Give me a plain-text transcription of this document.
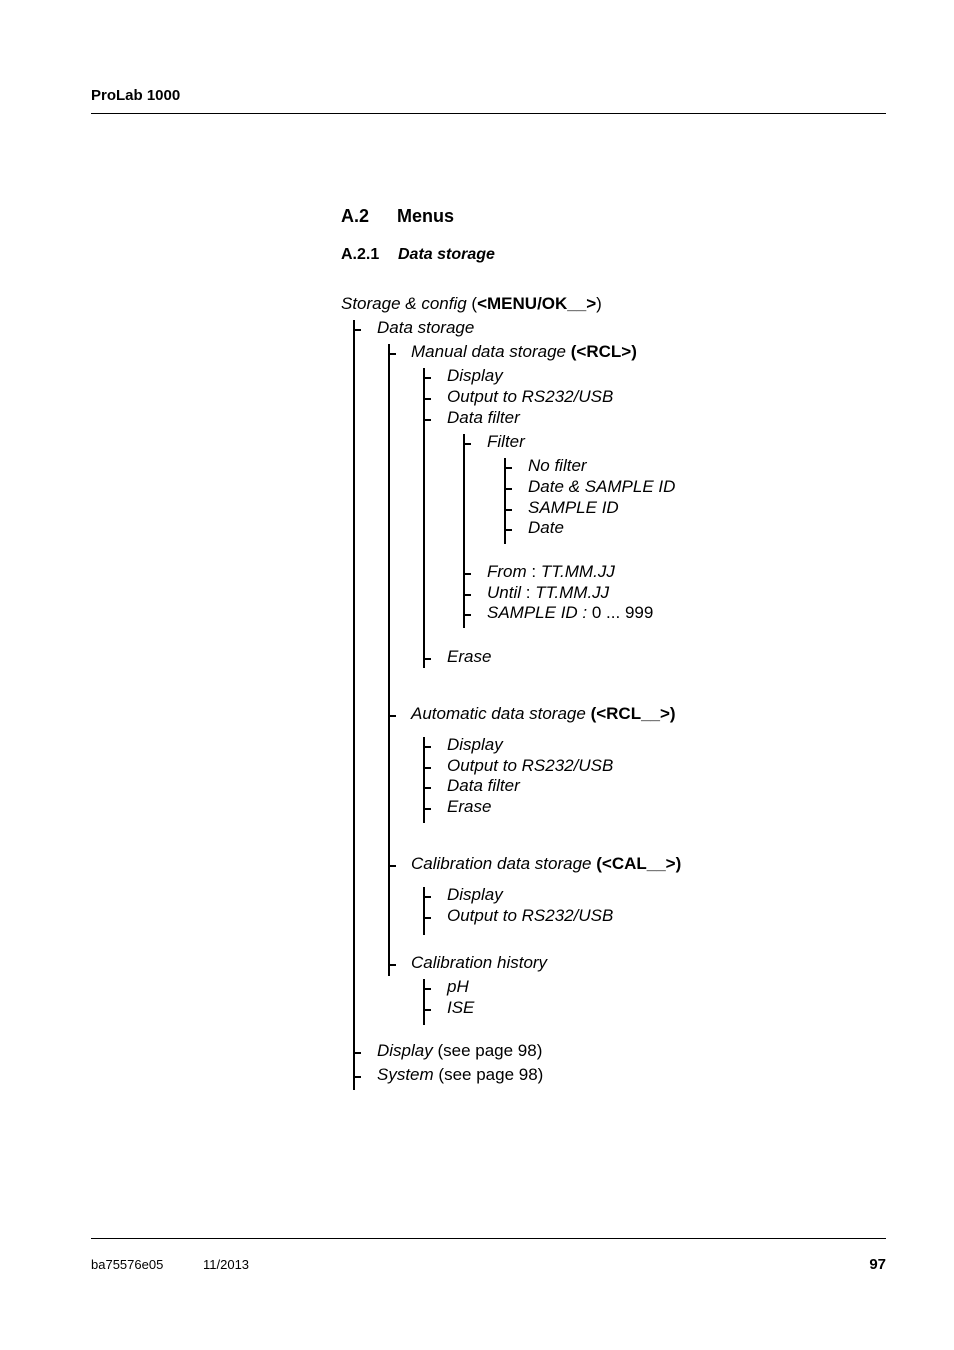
ProLab 1000
A.2 Menus
A.2.1 Data storage
Storage & config (<MENU/OK__>)
Data storage
Manual data storage (<RCL>)
Display
Output to RS232/USB
Data filter
Filter
No filter
Date & SAMPLE ID
SAMPLE ID
Date
From : TT.MM.JJ
Until : TT.MM.JJ
SAMPLE ID : 0 ... 999
Erase
Automatic data storage (<RCL__>)
Display
Output to RS232/USB
Data filter
Erase
Calibration data storage (<CAL__>)
Display
Output to RS232/USB
Calibration history
pH
ISE
Display (see page 98)
System (see page 98)
ba75576e05	11/2013	97
